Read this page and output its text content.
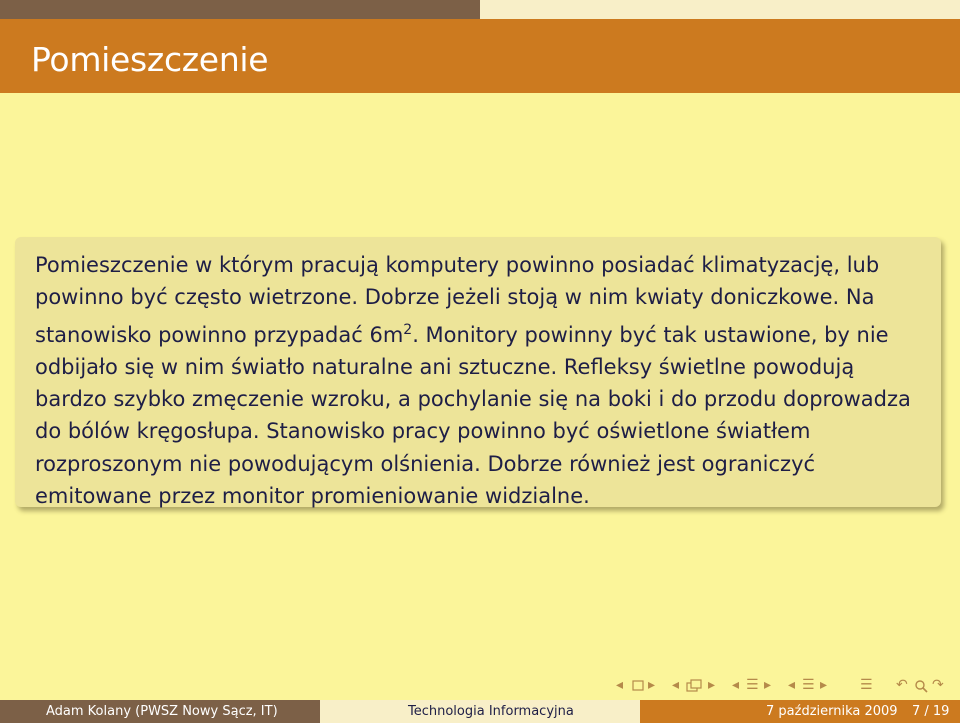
Pomieszczenie

Pomieszczenie w którym pracują komputery powinno posiadać klimatyzację, lub powinno być często wietrzone. Dobrze jeżeli stoją w nim kwiaty doniczkowe. Na stanowisko powinno przypadać $6m^2$. Monitory powinny być tak ustawione, by nie odbijało się w nim światło naturalne ani sztuczne. Refleksy świetlne powodują bardzo szybko zmęczenie wzroku, a pochylanie się na boki i do przodu doprowadza do bólów kręgosłupa. Stanowisko pracy powinno być oświetlone światłem rozproszonym nie powodującym olśnienia. Dobrze również jest ograniczyć emitowane przez monitor promieniowanie widzialne.

◂ ▸ ◂ ▸ ◂ ☰ ▸ ◂ ☰ ▸ ☰ ↶ ↷
Adam Kolany (PWSZ Nowy Sącz, IT)	Technologia Informacyjna	7 października 2009 7 / 19
